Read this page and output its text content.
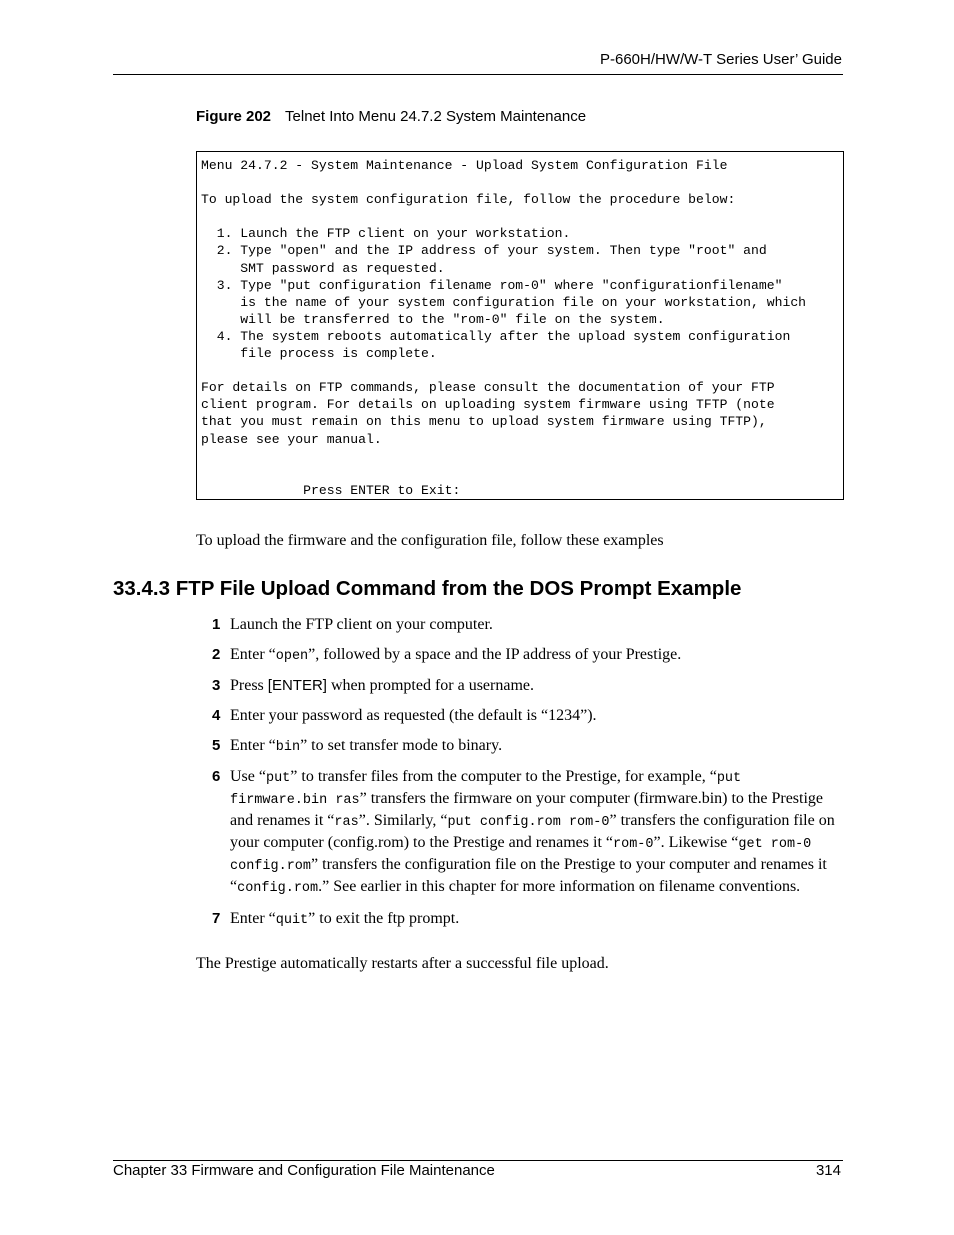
P-660H/HW/W-T Series User’ Guide
Figure 202 Telnet Into Menu 24.7.2 System Maintenance
Menu 24.7.2 - System Maintenance - Upload System Configuration File

To upload the system configuration file, follow the procedure below:

1. Launch the FTP client on your workstation.
2. Type "open" and the IP address of your system. Then type "root" and
SMT password as requested.
3. Type "put configuration filename rom-0" where "configurationfilename"
is the name of your system configuration file on your workstation, which
will be transferred to the "rom-0" file on the system.
4. The system reboots automatically after the upload system configuration
file process is complete.

For details on FTP commands, please consult the documentation of your FTP
client program. For details on uploading system firmware using TFTP (note
that you must remain on this menu to upload system firmware using TFTP),
please see your manual.

Press ENTER to Exit:
To upload the firmware and the configuration file, follow these examples
33.4.3 FTP File Upload Command from the DOS Prompt Example
1 Launch the FTP client on your computer.
2 Enter “open”, followed by a space and the IP address of your Prestige.
3 Press [ENTER] when prompted for a username.
4 Enter your password as requested (the default is “1234”).
5 Enter “bin” to set transfer mode to binary.
6 Use “put” to transfer files from the computer to the Prestige, for example, “put firmware.bin ras” transfers the firmware on your computer (firmware.bin) to the Prestige and renames it “ras”. Similarly, “put config.rom rom-0” transfers the configuration file on your computer (config.rom) to the Prestige and renames it “rom-0”. Likewise “get rom-0 config.rom” transfers the configuration file on the Prestige to your computer and renames it “config.rom.” See earlier in this chapter for more information on filename conventions.
7 Enter “quit” to exit the ftp prompt.
The Prestige automatically restarts after a successful file upload.
Chapter 33 Firmware and Configuration File Maintenance	314
